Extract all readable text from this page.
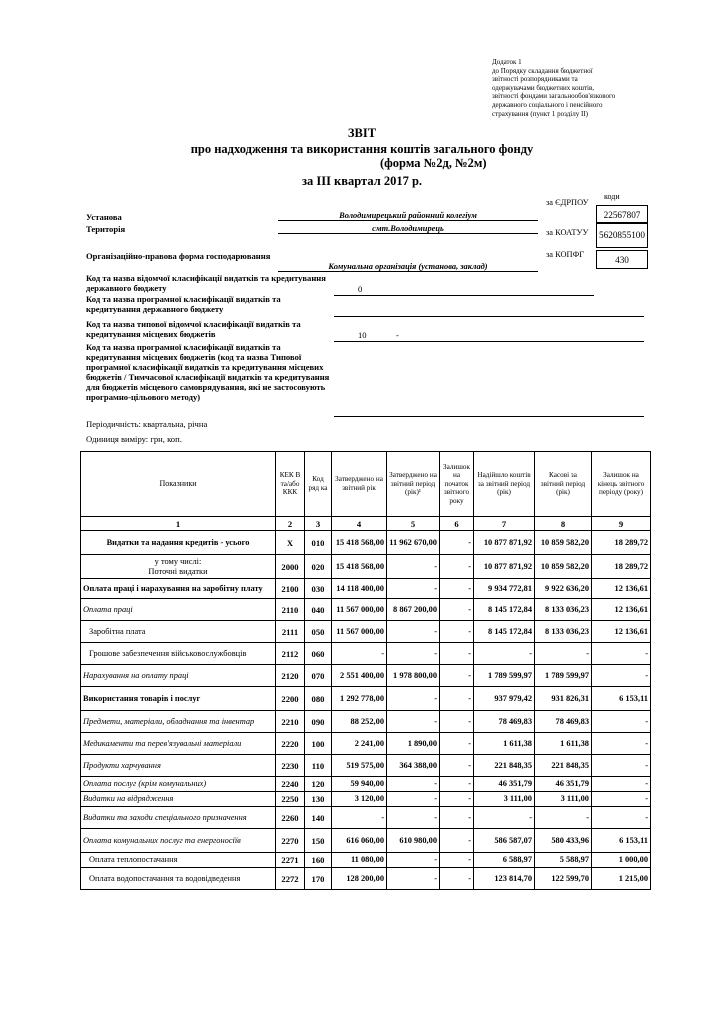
Додаток 1
до Порядку складання бюджетної
звітності розпорядниками та
одержувачами бюджетних коштів,
звітності фондами загальнообов'язкового
державного соціального і пенсійного
страхування (пункт 1 розділу ІІ)
ЗВІТ
про надходження та використання коштів загального фонду
(форма №2д, №2м)
за ІІІ квартал 2017 р.
коди
Установа	Володимирецький районний колегіум
Територія	смт.Володимирець
Організаційно-правова форма господарювання
Комунальна організація (установа, заклад)
за ЄДРПОУ
22567807
за КОАТУУ	5620855100
за КОПФГ	430
Код та назва відомчої класифікації видатків та кредитування державного бюджету	0
Код та назва програмної класифікації видатків та кредитування державного бюджету
Код та назва типової відомчої класифікації видатків та кредитування місцевих бюджетів	10	-
Код та назва програмної класифікації видатків та кредитування місцевих бюджетів (код та назва Типової програмної класифікації видатків та кредитування місцевих бюджетів / Тимчасової класифікації видатків та кредитування для бюджетів місцевого самоврядування, які не застосовують програмно-цільового методу)
Періодичність: квартальна, річна
Одиниця виміру: грн, коп.
Показники	КЕК В та/або ККК	Код ряд ка	Затверджено на звітний рік	Затверджено на звітний період (рік)¹	Залишок на початок звітного року	Надійшло коштів за звітний період (рік)	Касові за звітний період (рік)	Залишок на кінець звітного періоду (року)
1	2	3	4	5	6	7	8	9
Видатки та надання кредитів - усього	X	010	15 418 568,00	11 962 670,00	-	10 877 871,92	10 859 582,20	18 289,72
у тому числі:
Поточні видатки	2000	020	15 418 568,00	-	-	10 877 871,92	10 859 582,20	18 289,72
Оплата праці і нарахування на заробітну плату	2100	030	14 118 400,00	-	-	9 934 772,81	9 922 636,20	12 136,61
Оплата праці	2110	040	11 567 000,00	8 867 200,00	-	8 145 172,84	8 133 036,23	12 136,61
Заробітна плата	2111	050	11 567 000,00	-	-	8 145 172,84	8 133 036,23	12 136,61
Грошове забезпечення військовослужбовців	2112	060	-	-	-	-	-	-
Нарахування на оплату праці	2120	070	2 551 400,00	1 978 800,00	-	1 789 599,97	1 789 599,97	-
Використання товарів і послуг	2200	080	1 292 778,00	-	-	937 979,42	931 826,31	6 153,11
Предмети, матеріали, обладнання та інвентар	2210	090	88 252,00	-	-	78 469,83	78 469,83	-
Медикаменти та перев'язувальні матеріали	2220	100	2 241,00	1 890,00	-	1 611,38	1 611,38	-
Продукти харчування	2230	110	519 575,00	364 388,00	-	221 848,35	221 848,35	-
Оплата послуг (крім комунальних)	2240	120	59 940,00	-	-	46 351,79	46 351,79	-
Видатки на відрядження	2250	130	3 120,00	-	-	3 111,00	3 111,00	-
Видатки та заходи спеціального призначення	2260	140	-	-	-	-	-	-
Оплата комунальних послуг та енергоносіїв	2270	150	616 060,00	610 980,00	-	586 587,07	580 433,96	6 153,11
Оплата теплопостачання	2271	160	11 080,00	-	-	6 588,97	5 588,97	1 000,00
Оплата водопостачання та водовідведення	2272	170	128 200,00	-	-	123 814,70	122 599,70	1 215,00
